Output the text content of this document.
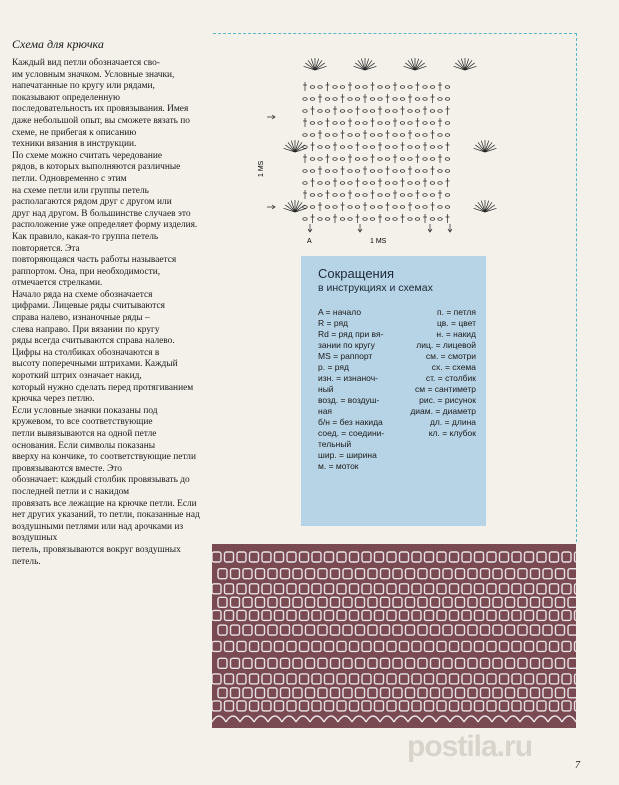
Схема для крючка

Каждый вид петли обозначается сво-

им условным значком. Условные значки,

напечатанные по кругу или рядами,

показывают определенную последовательность их провязывания. Имея

даже небольшой опыт, вы сможете вязать по схеме, не прибегая к описанию

техники вязания в инструкции.

По схеме можно считать чередование

рядов, в которых выполняются различные петли. Одновременно с этим

на схеме петли или группы петель располагаются рядом друг с другом или

друг над другом. В большинстве случаев это расположение уже определяет форму изделия. Как правило, какая-то группа петель повторяется. Эта

повторяющаяся часть работы называется раппортом. Она, при необходимости, отмечается стрелками.

Начало ряда на схеме обозначается

цифрами. Лицевые ряды считываются

справа налево, изнаночные ряды –

слева направо. При вязании по кругу

ряды всегда считываются справа налево.

Цифры на столбиках обозначаются в

высоту поперечными штрихами. Каждый короткий штрих означает накид,

который нужно сделать перед протягиванием крючка через петлю.

Если условные значки показаны под

кружевом, то все соответствующие

петли вывязываются на одной петле

основания. Если символы показаны

вверху на кончике, то соответствующие петли провязываются вместе. Это

обозначает: каждый столбик провязывать до последней петли и с накидом

провязать все лежащие на крючке петли. Если нет других указаний, то петли, показанные над воздушными петлями или над арочками из воздушных

петель, провязываются вокруг воздушных петель.

A	1 MS
1 MS
Сокращения
в инструкциях и схемах
A = начало	п. = петля
R = ряд	цв. = цвет
Rd = ряд при вя-	н. = накид
зании по кругу	лиц. = лицевой
MS = раппорт	см. = смотри
р. = ряд	сх. = схема
изн. = изнаноч-	ст. = столбик
ный	см = сантиметр
возд. = воздуш-	рис. = рисунок
ная	диам. = диаметр
б/н = без накида	дл. = длина
соед. = соедини-	кл. = клубок
тельный
шир. = ширина
м. = моток
postila.ru
7
